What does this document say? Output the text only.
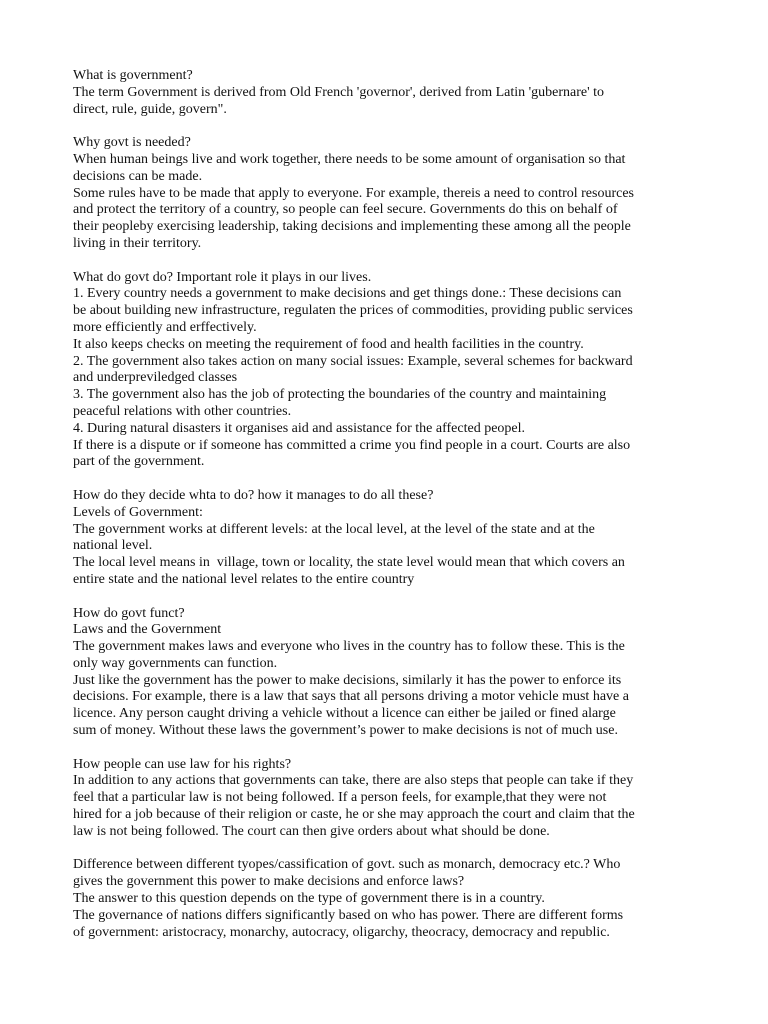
What is government?
The term Government is derived from Old French 'governor', derived from Latin 'gubernare' to
direct, rule, guide, govern".
Why govt is needed?
When human beings live and work together, there needs to be some amount of organisation so that
decisions can be made.
Some rules have to be made that apply to everyone. For example, thereis a need to control resources
and protect the territory of a country, so people can feel secure. Governments do this on behalf of
their peopleby exercising leadership, taking decisions and implementing these among all the people
living in their territory.
What do govt do? Important role it plays in our lives.
1. Every country needs a government to make decisions and get things done.: These decisions can
be about building new infrastructure, regulaten the prices of commodities, providing public services
more efficiently and erffectively.
It also keeps checks on meeting the requirement of food and health facilities in the country.
2. The government also takes action on many social issues: Example, several schemes for backward
and underpreviledged classes
3. The government also has the job of protecting the boundaries of the country and maintaining
peaceful relations with other countries.
4. During natural disasters it organises aid and assistance for the affected peopel.
If there is a dispute or if someone has committed a crime you find people in a court. Courts are also
part of the government.
How do they decide whta to do? how it manages to do all these?
Levels of Government:
The government works at different levels: at the local level, at the level of the state and at the
national level.
The local level means in  village, town or locality, the state level would mean that which covers an
entire state and the national level relates to the entire country
How do govt funct?
Laws and the Government
The government makes laws and everyone who lives in the country has to follow these. This is the
only way governments can function.
Just like the government has the power to make decisions, similarly it has the power to enforce its
decisions. For example, there is a law that says that all persons driving a motor vehicle must have a
licence. Any person caught driving a vehicle without a licence can either be jailed or fined alarge
sum of money. Without these laws the government’s power to make decisions is not of much use.
How people can use law for his rights?
In addition to any actions that governments can take, there are also steps that people can take if they
feel that a particular law is not being followed. If a person feels, for example,that they were not
hired for a job because of their religion or caste, he or she may approach the court and claim that the
law is not being followed. The court can then give orders about what should be done.
Difference between different tyopes/cassification of govt. such as monarch, democracy etc.? Who
gives the government this power to make decisions and enforce laws?
The answer to this question depends on the type of government there is in a country.
The governance of nations differs significantly based on who has power. There are different forms
of government: aristocracy, monarchy, autocracy, oligarchy, theocracy, democracy and republic.
